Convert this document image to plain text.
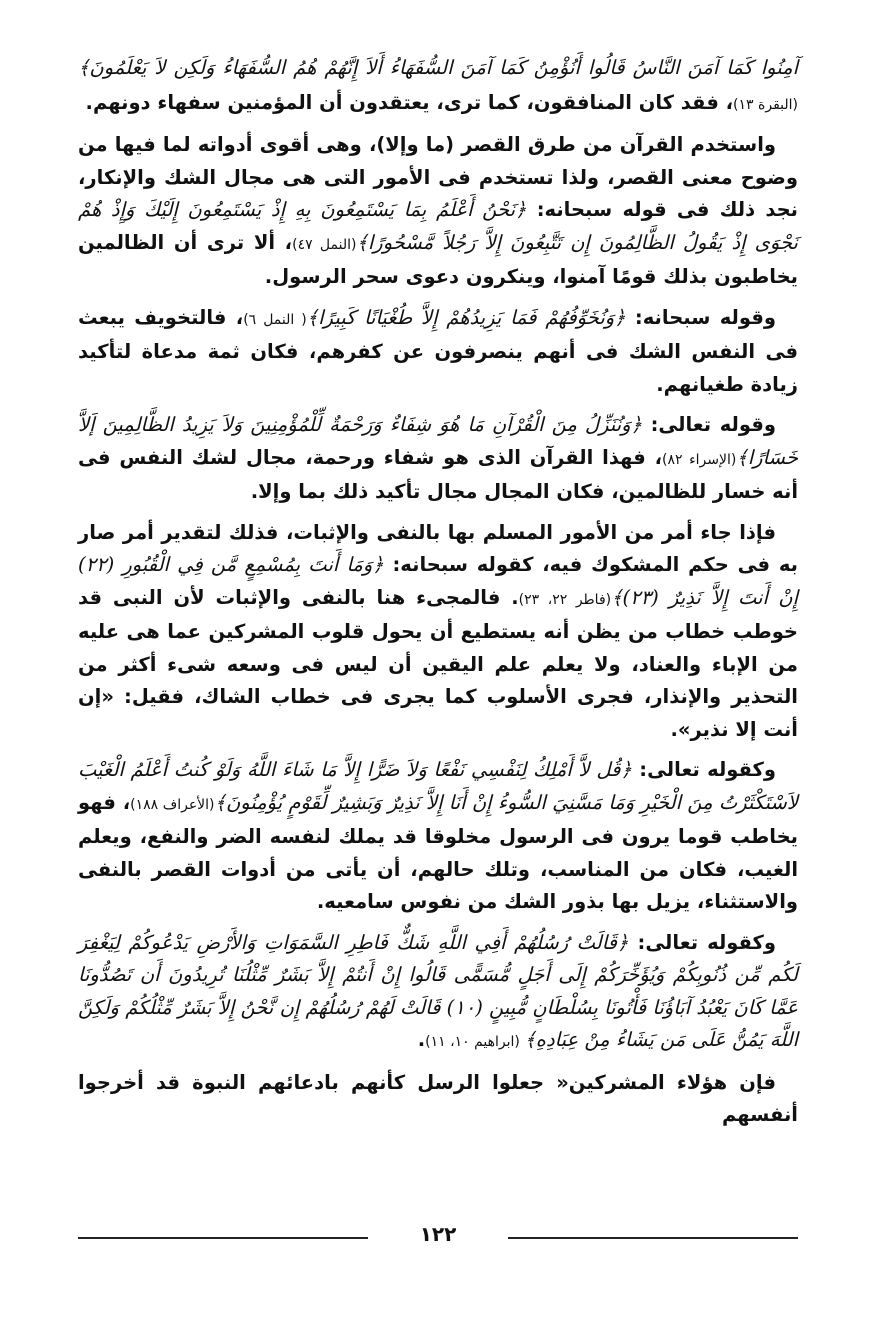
آمِنُوا كَمَا آمَنَ النَّاسُ قَالُوا أَنُؤْمِنُ كَمَا آمَنَ السُّفَهَاءُ أَلاَ إِنَّهُمْ هُمُ السُّفَهَاءُ وَلَكِن لاَ يَعْلَمُونَ﴾ (البقرة ١٣)، فقد كان المنافقون، كما ترى، يعتقدون أن المؤمنين سفهاء دونهم.

واستخدم القرآن من طرق القصر (ما وإلا)، وهى أقوى أدواته لما فيها من وضوح معنى القصر، ولذا تستخدم فى الأمور التى هى مجال الشك والإنكار، نجد ذلك فى قوله سبحانه: ﴿نَحْنُ أَعْلَمُ بِمَا يَسْتَمِعُونَ بِهِ إِذْ يَسْتَمِعُونَ إِلَيْكَ وَإِذْ هُمْ نَجْوَى إِذْ يَقُولُ الظَّالِمُونَ إِن تَتَّبِعُونَ إِلاَّ رَجُلاً مَّسْحُورًا﴾(النمل ٤٧)، ألا ترى أن الظالمين يخاطبون بذلك قومًا آمنوا، وينكرون دعوى سحر الرسول.

وقوله سبحانه: ﴿وَنُخَوِّفُهُمْ فَمَا يَزِيدُهُمْ إِلاَّ طُغْيَانًا كَبِيرًا﴾( النمل ٦)، فالتخويف يبعث فى النفس الشك فى أنهم ينصرفون عن كفرهم، فكان ثمة مدعاة لتأكيد زيادة طغيانهم.

وقوله تعالى: ﴿وَنُنَزِّلُ مِنَ الْقُرْآنِ مَا هُوَ شِفَاءٌ وَرَحْمَةٌ لِّلْمُؤْمِنِينَ وَلاَ يَزِيدُ الظَّالِمِينَ إَلاَّ خَسَارًا﴾(الإسراء ٨٢)، فهذا القرآن الذى هو شفاء ورحمة، مجال لشك النفس فى أنه خسار للظالمين، فكان المجال مجال تأكيد ذلك بما وإلا.

فإذا جاء أمر من الأمور المسلم بها بالنفى والإثبات، فذلك لتقدير أمر صار به فى حكم المشكوك فيه، كقوله سبحانه: ﴿وَمَا أَنتَ بِمُسْمِعٍ مَّن فِي الْقُبُورِ (٢٢) إِنْ أَنتَ إِلاَّ نَذِيرٌ (٢٣)﴾(فاطر ٢٢، ٢٣). فالمجىء هنا بالنفى والإثبات لأن النبى قد خوطب خطاب من يظن أنه يستطيع أن يحول قلوب المشركين عما هى عليه من الإباء والعناد، ولا يعلم علم اليقين أن ليس فى وسعه شىء أكثر من التحذير والإنذار، فجرى الأسلوب كما يجرى فى خطاب الشاك، فقيل: «إن أنت إلا نذير».

وكقوله تعالى: ﴿قُل لاَّ أَمْلِكُ لِنَفْسِي نَفْعًا وَلاَ ضَرًّا إِلاَّ مَا شَاءَ اللَّهُ وَلَوْ كُنتُ أَعْلَمُ الْغَيْبَ لاَسْتَكْثَرْتُ مِنَ الْخَيْرِ وَمَا مَسَّنِيَ السُّوءُ إِنْ أَنَا إِلاَّ نَذِيرٌ وَبَشِيرٌ لِّقَوْمٍ يُؤْمِنُونَ﴾(الأعراف ١٨٨)، فهو يخاطب قوما يرون فى الرسول مخلوقا قد يملك لنفسه الضر والنفع، ويعلم الغيب، فكان من المناسب، وتلك حالهم، أن يأتى من أدوات القصر بالنفى والاستثناء، يزيل بها بذور الشك من نفوس سامعيه.

وكقوله تعالى: ﴿قَالَتْ رُسُلُهُمْ أَفِي اللَّهِ شَكٌّ فَاطِرِ السَّمَوَاتِ وَالأَرْضِ يَدْعُوكُمْ لِيَغْفِرَ لَكُم مِّن ذُنُوبِكُمْ وَيُؤَخِّرَكُمْ إِلَى أَجَلٍ مُّسَمًّى قَالُوا إِنْ أَنتُمْ إِلاَّ بَشَرٌ مِّثْلُنَا تُرِيدُونَ أَن تَصُدُّونَا عَمَّا كَانَ يَعْبُدُ آبَاؤُنَا فَأْتُونَا بِسُلْطَانٍ مُّبِينٍ (١٠) قَالَتْ لَهُمْ رُسُلُهُمْ إِن نَّحْنُ إِلاَّ بَشَرٌ مِّثْلُكُمْ وَلَكِنَّ اللَّهَ يَمُنُّ عَلَى مَن يَشَاءُ مِنْ عِبَادِهِ﴾ (ابراهيم ١٠، ١١).

فإن هؤلاء المشركين« جعلوا الرسل كأنهم بادعائهم النبوة قد أخرجوا أنفسهم

١٢٢
